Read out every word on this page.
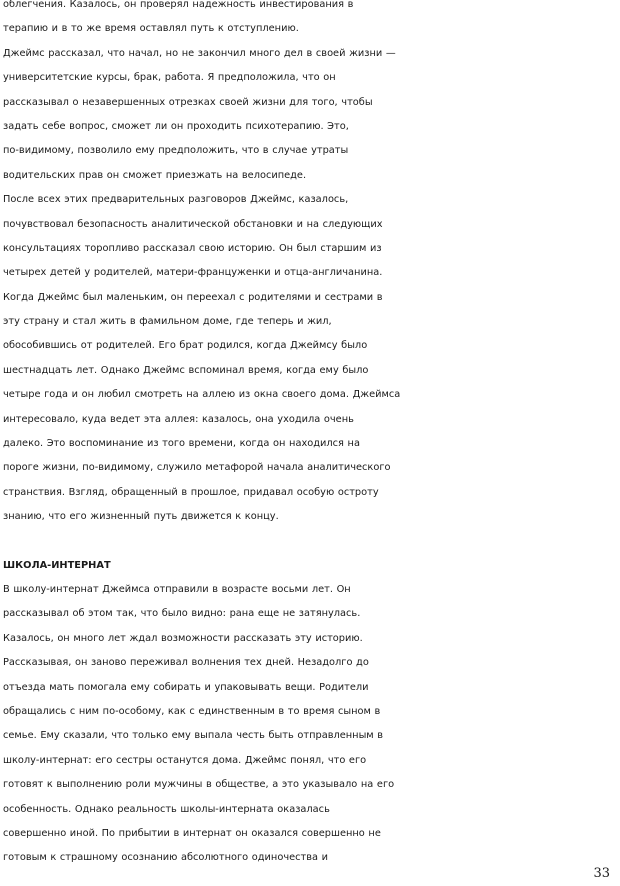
облегчения. Казалось, он проверял надежность инвестирования в
терапию и в то же время оставлял путь к отступлению.
Джеймс рассказал, что начал, но не закончил много дел в своей жизни —
университетские курсы, брак, работа. Я предположила, что он
рассказывал о незавершенных отрезках своей жизни для того, чтобы
задать себе вопрос, сможет ли он проходить психотерапию. Это,
по-видимому, позволило ему предположить, что в случае утраты
водительских прав он сможет приезжать на велосипеде.
После всех этих предварительных разговоров Джеймс, казалось,
почувствовал безопасность аналитической обстановки и на следующих
консультациях торопливо рассказал свою историю. Он был старшим из
четырех детей у родителей, матери-француженки и отца-англичанина.
Когда Джеймс был маленьким, он переехал с родителями и сестрами в
эту страну и стал жить в фамильном доме, где теперь и жил,
обособившись от родителей. Его брат родился, когда Джеймсу было
шестнадцать лет. Однако Джеймс вспоминал время, когда ему было
четыре года и он любил смотреть на аллею из окна своего дома. Джеймса
интересовало, куда ведет эта аллея: казалось, она уходила очень
далеко. Это воспоминание из того времени, когда он находился на
пороге жизни, по-видимому, служило метафорой начала аналитического
странствия. Взгляд, обращенный в прошлое, придавал особую остроту
знанию, что его жизненный путь движется к концу.
ШКОЛА-ИНТЕРНАТ
В школу-интернат Джеймса отправили в возрасте восьми лет. Он
рассказывал об этом так, что было видно: рана еще не затянулась.
Казалось, он много лет ждал возможности рассказать эту историю.
Рассказывая, он заново переживал волнения тех дней. Незадолго до
отъезда мать помогала ему собирать и упаковывать вещи. Родители
обращались с ним по-особому, как с единственным в то время сыном в
семье. Ему сказали, что только ему выпала честь быть отправленным в
школу-интернат: его сестры останутся дома. Джеймс понял, что его
готовят к выполнению роли мужчины в обществе, а это указывало на его
особенность. Однако реальность школы-интерната оказалась
совершенно иной. По прибытии в интернат он оказался совершенно не
готовым к страшному осознанию абсолютного одиночества и
33
